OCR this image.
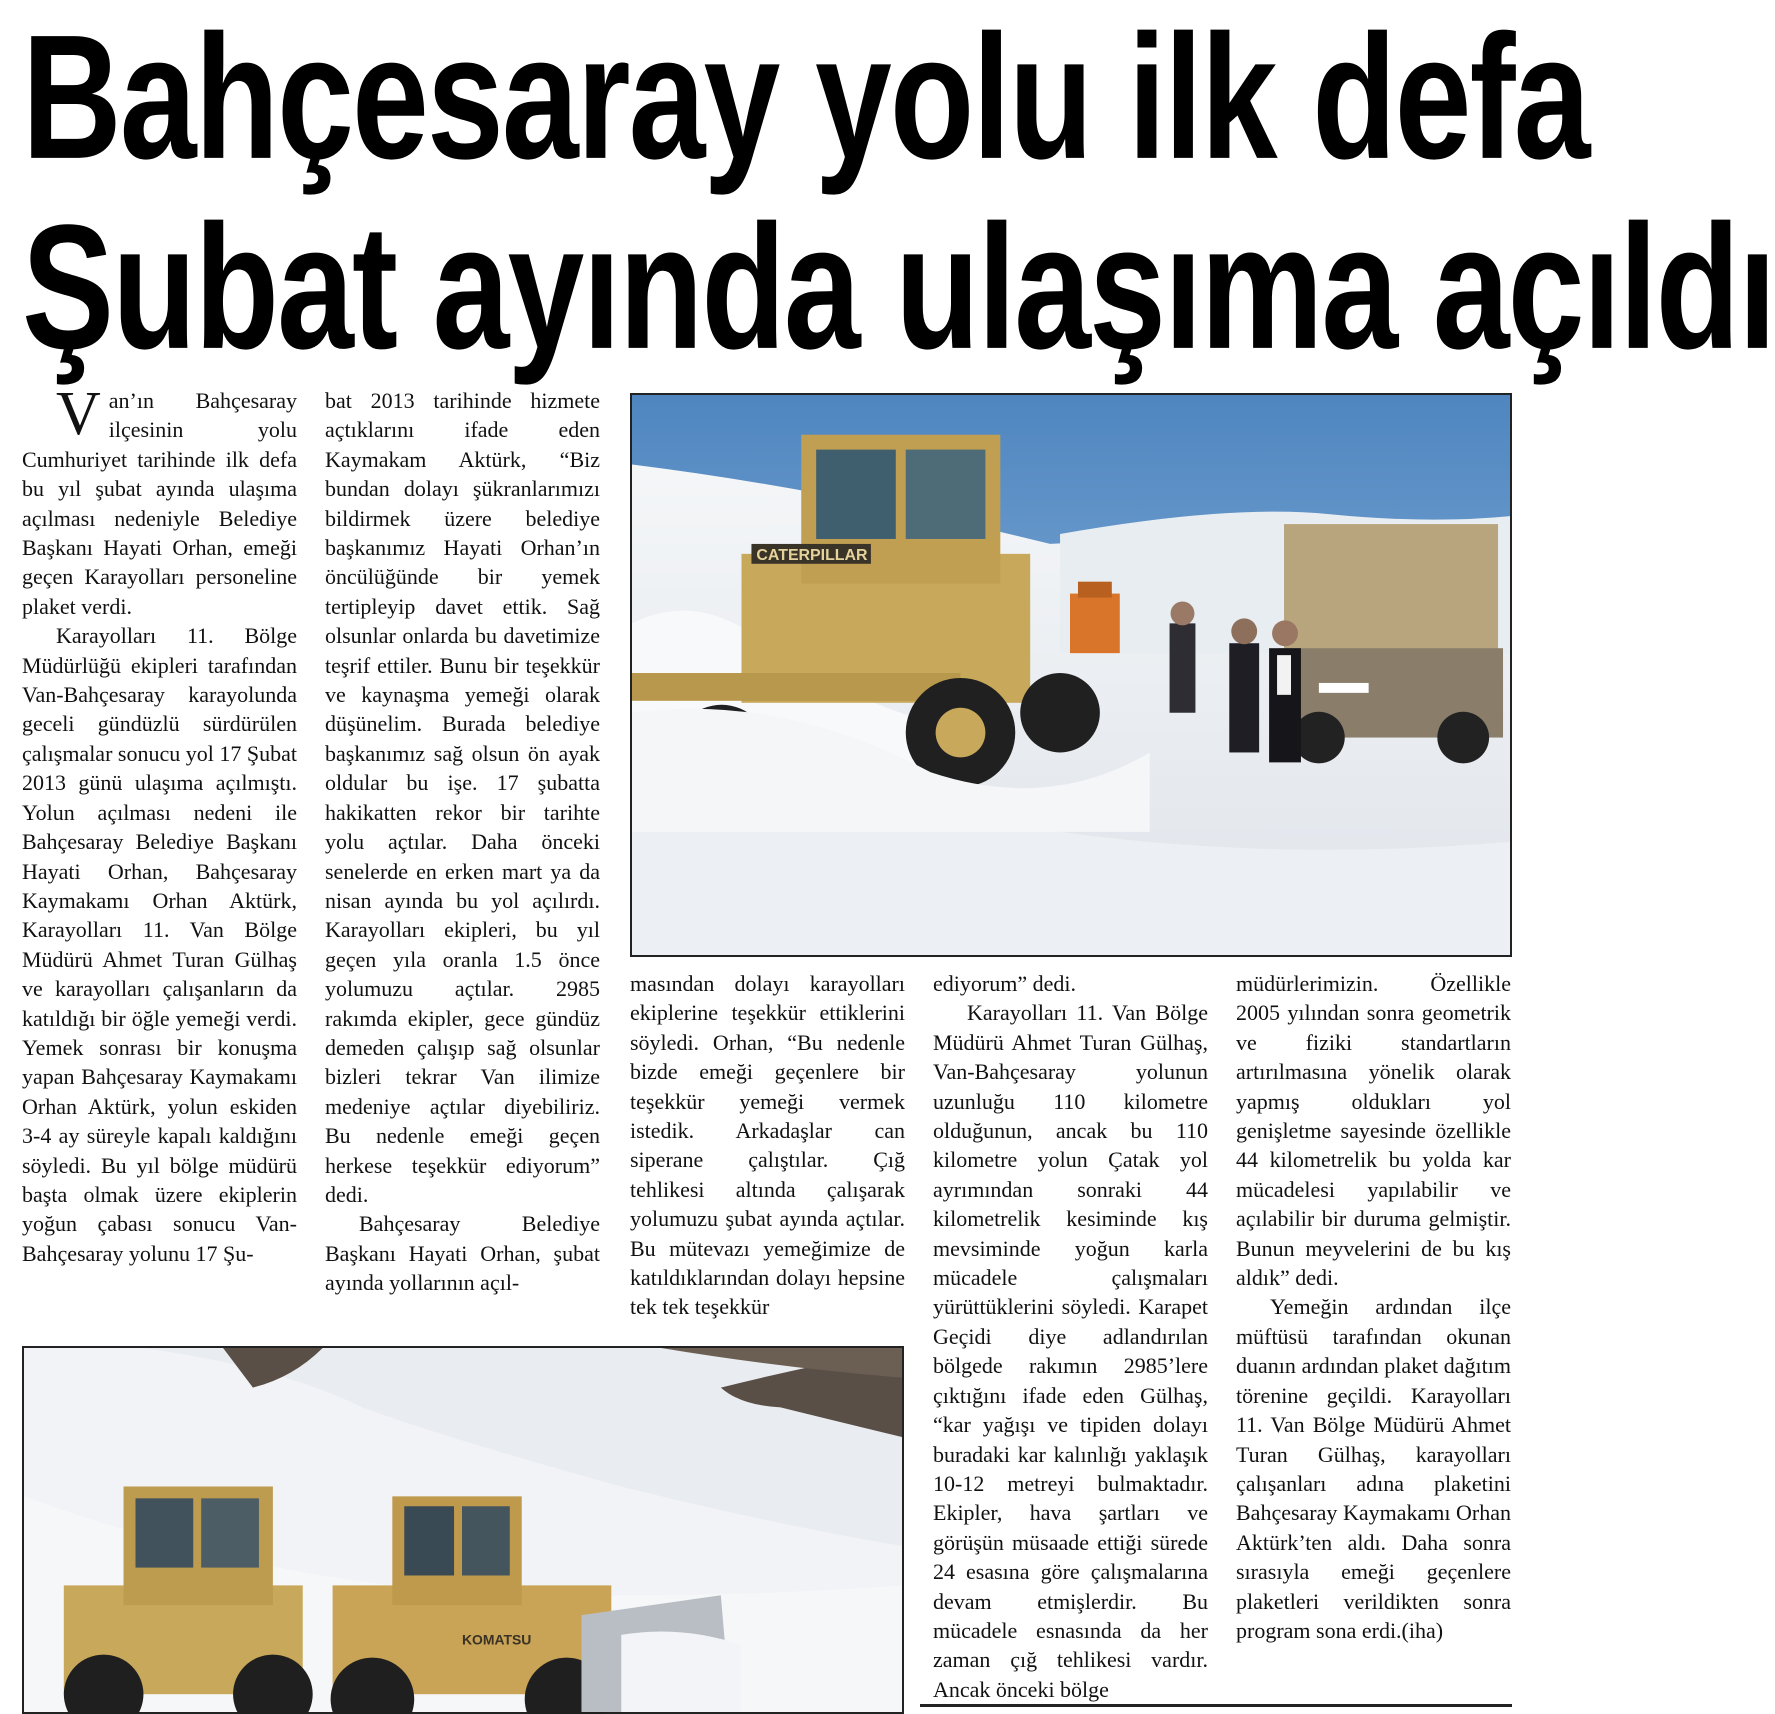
Bahçesaray yolu ilk defa
Şubat ayında ulaşıma açıldı

Van’ın Bahçesaray ilçesinin yolu Cumhuriyet tarihinde ilk defa bu yıl şubat ayında ulaşıma açılması nedeniyle Belediye Başkanı Hayati Orhan, emeği geçen Karayolları personeline plaket verdi.

Karayolları 11. Bölge Müdürlüğü ekipleri tarafından Van-Bahçesaray karayolunda geceli gündüzlü sürdürülen çalışmalar sonucu yol 17 Şubat 2013 günü ulaşıma açılmıştı. Yolun açılması nedeni ile Bahçesaray Belediye Başkanı Hayati Orhan, Bahçesaray Kaymakamı Orhan Aktürk, Karayolları 11. Van Bölge Müdürü Ahmet Turan Gülhaş ve karayolları çalışanların da katıldığı bir öğle yemeği verdi. Yemek sonrası bir konuşma yapan Bahçesaray Kaymakamı Orhan Aktürk, yolun eskiden 3-4 ay süreyle kapalı kaldığını söyledi. Bu yıl bölge müdürü başta olmak üzere ekiplerin yoğun çabası sonucu Van-Bahçesaray yolunu 17 Şu-

bat 2013 tarihinde hizmete açtıklarını ifade eden Kaymakam Aktürk, “Biz bundan dolayı şükranlarımızı bildirmek üzere belediye başkanımız Hayati Orhan’ın öncülüğünde bir yemek tertipleyip davet ettik. Sağ olsunlar onlarda bu davetimize teşrif ettiler. Bunu bir teşekkür ve kaynaşma yemeği olarak düşünelim. Burada belediye başkanımız sağ olsun ön ayak oldular bu işe. 17 şubatta hakikatten rekor bir tarihte yolu açtılar. Daha önceki senelerde en erken mart ya da nisan ayında bu yol açılırdı. Karayolları ekipleri, bu yıl geçen yıla oranla 1.5 önce yolumuzu açtılar. 2985 rakımda ekipler, gece gündüz demeden çalışıp sağ olsunlar bizleri tekrar Van ilimize medeniye açtılar diyebiliriz. Bu nedenle emeği geçen herkese teşekkür ediyorum” dedi.

Bahçesaray Belediye Başkanı Hayati Orhan, şubat ayında yollarının açıl-

masından dolayı karayolları ekiplerine teşekkür ettiklerini söyledi. Orhan, “Bu nedenle bizde emeği geçenlere bir teşekkür yemeği vermek istedik. Arkadaşlar can siperane çalıştılar. Çığ tehlikesi altında çalışarak yolumuzu şubat ayında açtılar. Bu mütevazı yemeğimize de katıldıklarından dolayı hepsine tek tek teşekkür

ediyorum” dedi.

Karayolları 11. Van Bölge Müdürü Ahmet Turan Gülhaş, Van-Bahçesaray yolunun uzunluğu 110 kilometre olduğunun, ancak bu 110 kilometre yolun Çatak yol ayrımından sonraki 44 kilometrelik kesiminde kış mevsiminde yoğun karla mücadele çalışmaları yürüttüklerini söyledi. Karapet Geçidi diye adlandırılan bölgede rakımın 2985’lere çıktığını ifade eden Gülhaş, “kar yağışı ve tipiden dolayı buradaki kar kalınlığı yaklaşık 10-12 metreyi bulmaktadır. Ekipler, hava şartları ve görüşün müsaade ettiği sürede 24 esasına göre çalışmalarına devam etmişlerdir. Bu mücadele esnasında da her zaman çığ tehlikesi vardır. Ancak önceki bölge

müdürlerimizin. Özellikle 2005 yılından sonra geometrik ve fiziki standartların artırılmasına yönelik olarak yapmış oldukları yol genişletme sayesinde özellikle 44 kilometrelik bu yolda kar mücadelesi yapılabilir ve açılabilir bir duruma gelmiştir. Bunun meyvelerini de bu kış aldık” dedi.

Yemeğin ardından ilçe müftüsü tarafından okunan duanın ardından plaket dağıtım törenine geçildi. Karayolları 11. Van Bölge Müdürü Ahmet Turan Gülhaş, karayolları çalışanları adına plaketini Bahçesaray Kaymakamı Orhan Aktürk’ten aldı. Daha sonra sırasıyla emeği geçenlere plaketleri verildikten sonra program sona erdi.(iha)

CATERPILLAR
KOMATSU
